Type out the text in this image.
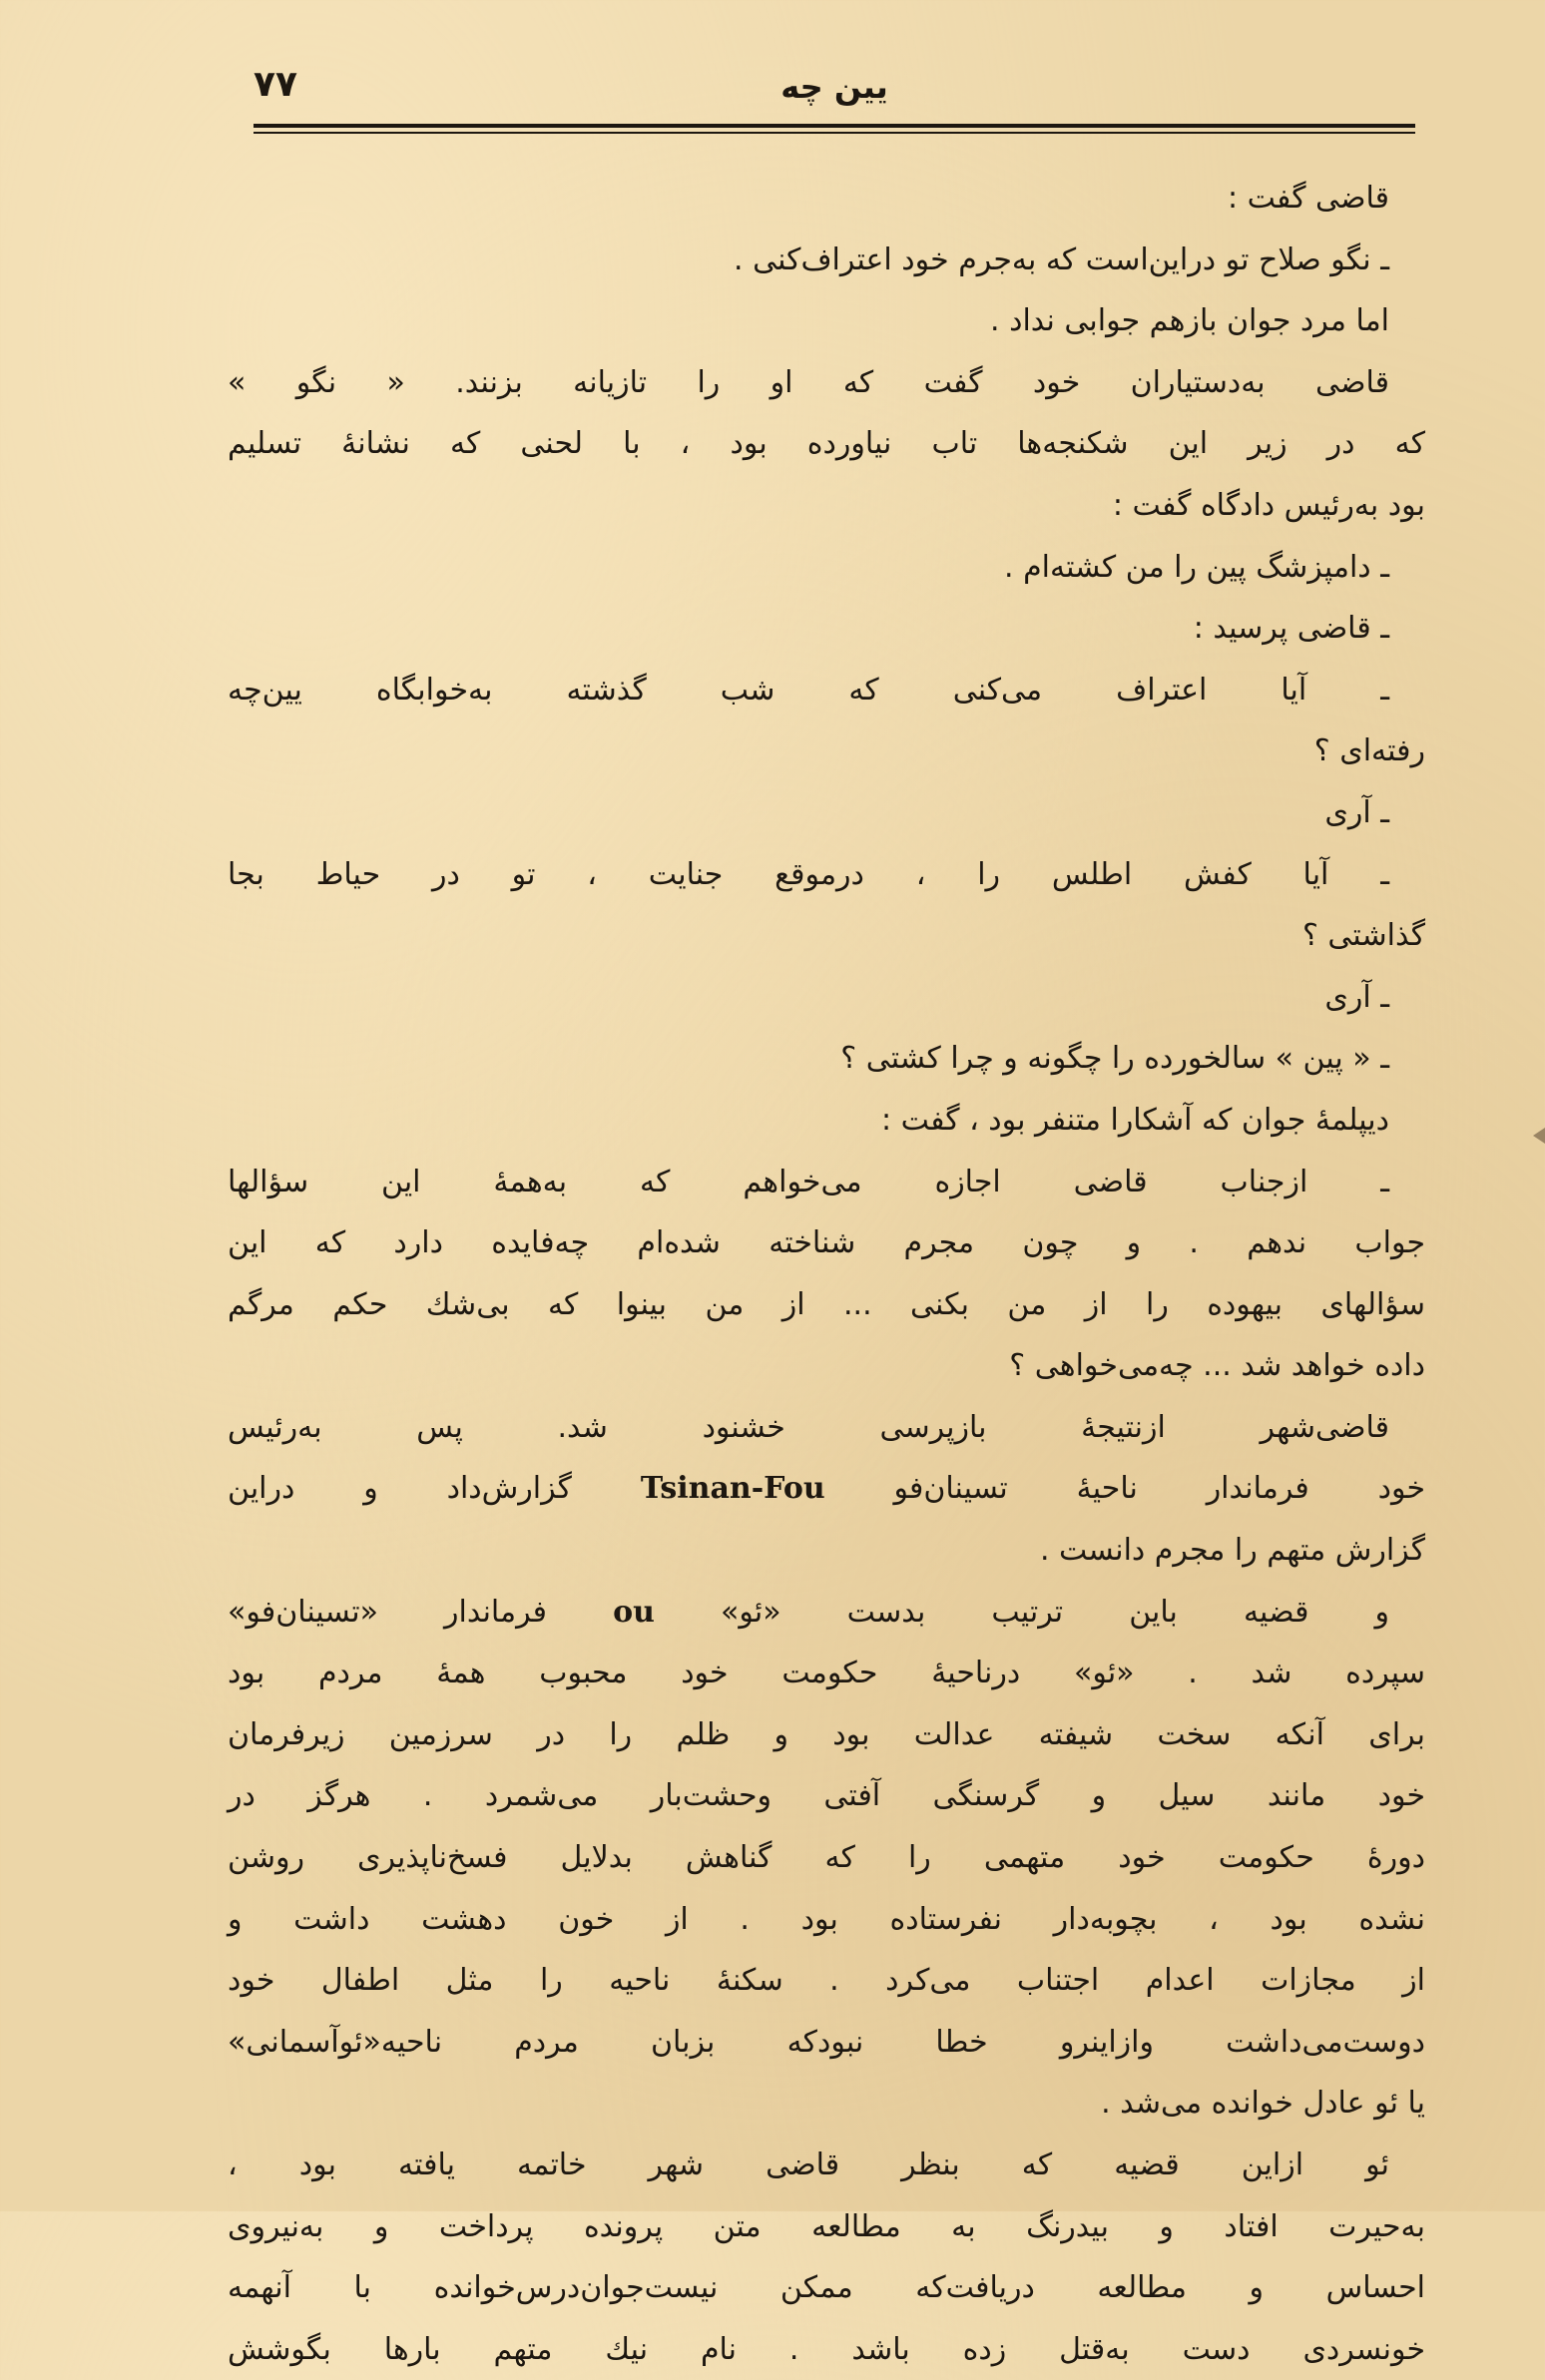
۷۷	یین چه
قاضی گفت :
ـ نگو صلاح تو دراین‌است که به‌جرم خود اعتراف‌کنی .
اما مرد جوان بازهم جوابی نداد .
قاضی به‌دستیاران خود گفت که او را تازیانه بزنند. « نگو »
که در زیر این شکنجه‌ها تاب نیاورده بود ، با لحنی که نشانهٔ تسلیم
بود به‌رئیس دادگاه گفت :
ـ دامپزشگ پین را من کشته‌ام .
ـ قاضی پرسید :
ـ آیا اعتراف می‌کنی که شب گذشته به‌خوابگاه یین‌چه
رفته‌ای ؟
ـ آری
ـ آیا کفش اطلس را ، درموقع جنایت ، تو در حیاط بجا
گذاشتی ؟
ـ آری
ـ « پین » سالخورده را چگونه و چرا کشتی ؟
دیپلمهٔ جوان که آشکارا متنفر بود ، گفت :
ـ ازجناب قاضی اجازه می‌خواهم که به‌همهٔ این سؤالها
جواب ندهم . و چون مجرم شناخته شده‌ام چه‌فایده دارد که این
سؤالهای بیهوده را از من بکنی ... از من بینوا که بی‌شك حکم مرگم
داده خواهد شد ... چه‌می‌خواهی ؟
قاضی‌شهر ازنتیجهٔ بازپرسی خشنود شد. پس به‌رئیس
خود فرماندار ناحیهٔ تسینان‌فو Tsinan-Fou گزارش‌داد و دراین
گزارش متهم را مجرم دانست .
و قضیه باین ترتیب بدست «ئو» ou فرماندار «تسینان‌فو»
سپرده شد . «ئو» درناحیهٔ حکومت خود محبوب همهٔ مردم بود
برای آنکه سخت شیفته عدالت بود و ظلم را در سرزمین زیرفرمان
خود مانند سیل و گرسنگی آفتی وحشت‌بار می‌شمرد . هرگز در
دورهٔ حکومت خود متهمی را که گناهش بدلایل فسخ‌ناپذیری روشن
نشده بود ، بچوبه‌دار نفرستاده بود . از خون دهشت داشت و
از مجازات اعدام اجتناب می‌کرد . سکنهٔ ناحیه را مثل اطفال خود
دوست‌می‌داشت وازاینرو خطا نبودکه بزبان مردم ناحیه«ئوآسمانی»
یا ئو عادل خوانده می‌شد .
ئو ازاین قضیه که بنظر قاضی شهر خاتمه یافته بود ،
به‌حیرت افتاد و بیدرنگ به مطالعه متن پرونده پرداخت و به‌نیروی
احساس و مطالعه دریافت‌که ممکن نیست‌جوان‌درس‌خوانده با آنهمه
خونسردی دست به‌قتل زده باشد . نام نیك متهم بارها بگوشش
